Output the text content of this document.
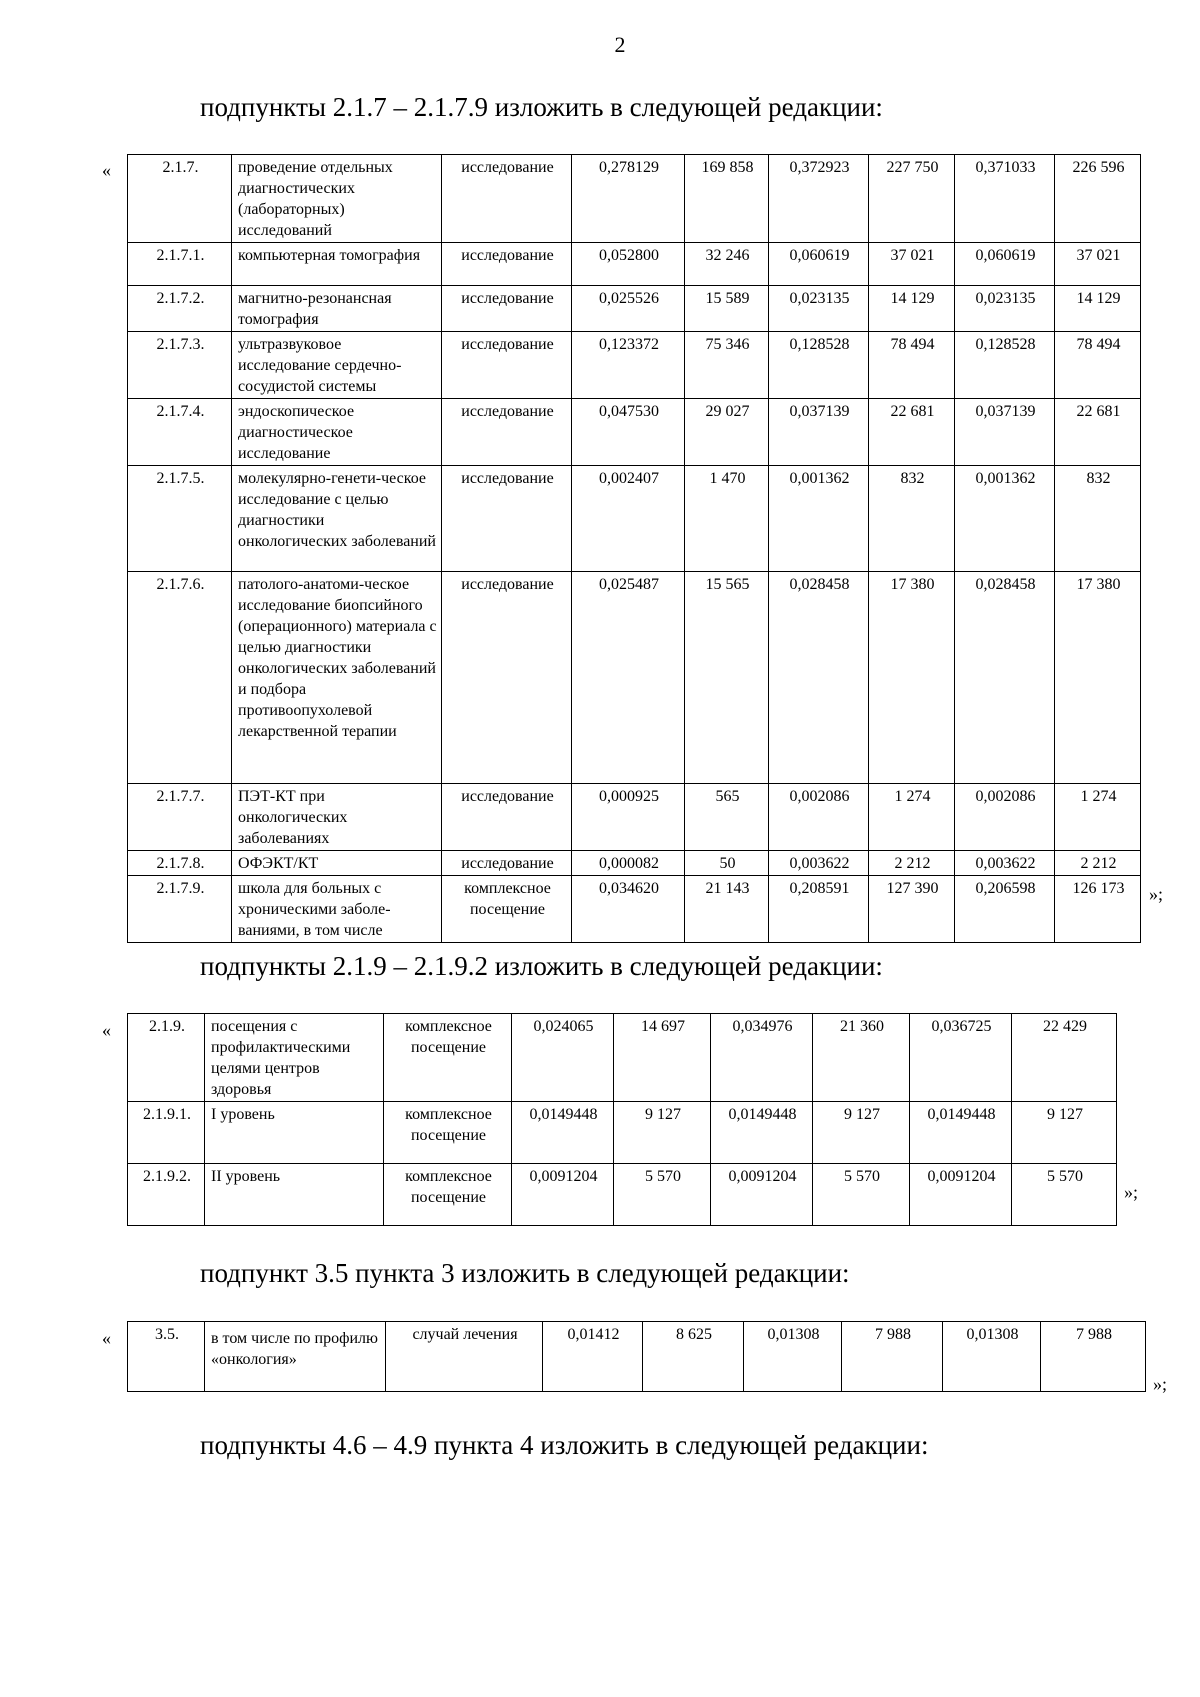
2
подпункты 2.1.7 – 2.1.7.9 изложить в следующей редакции:
«	2.1.7.	проведение отдельных диагностических (лабораторных) исследований	исследование	0,278129	169 858	0,372923	227 750	0,371033	226 596
2.1.7.1.	компьютерная томография	исследование	0,052800	32 246	0,060619	37 021	0,060619	37 021
2.1.7.2.	магнитно-резонансная томография	исследование	0,025526	15 589	0,023135	14 129	0,023135	14 129
2.1.7.3.	ультразвуковое исследование сердечно-сосудистой системы	исследование	0,123372	75 346	0,128528	78 494	0,128528	78 494
2.1.7.4.	эндоскопическое диагностическое исследование	исследование	0,047530	29 027	0,037139	22 681	0,037139	22 681
2.1.7.5.	молекулярно-генети-ческое исследование с целью диагностики онкологических заболеваний	исследование	0,002407	1 470	0,001362	832	0,001362	832
2.1.7.6.	патолого-анатоми-ческое исследование биопсийного (операционного) материала с целью диагностики онкологических заболеваний и подбора противоопухолевой лекарственной терапии	исследование	0,025487	15 565	0,028458	17 380	0,028458	17 380
2.1.7.7.	ПЭТ-КТ при онкологических заболеваниях	исследование	0,000925	565	0,002086	1 274	0,002086	1 274
2.1.7.8.	ОФЭКТ/КТ	исследование	0,000082	50	0,003622	2 212	0,003622	2 212
2.1.7.9.	школа для больных с хроническими заболе-ваниями, в том числе	комплексное посещение	0,034620	21 143	0,208591	127 390	0,206598	126 173 »;
подпункты 2.1.9 – 2.1.9.2 изложить в следующей редакции:
« 2.1.9.	посещения с профилактическими целями центров здоровья	комплексное посещение	0,024065	14 697	0,034976	21 360	0,036725	22 429
2.1.9.1.	I уровень	комплексное посещение	0,0149448	9 127	0,0149448	9 127	0,0149448	9 127
2.1.9.2.	II уровень	комплексное посещение	0,0091204	5 570	0,0091204	5 570	0,0091204	5 570
»;
подпункт 3.5 пункта 3 изложить в следующей редакции:
«	3.5.	в том числе по профилю «онкология»	случай лечения	0,01412	8 625	0,01308	7 988	0,01308	7 988
»;
подпункты 4.6 – 4.9 пункта 4 изложить в следующей редакции:
